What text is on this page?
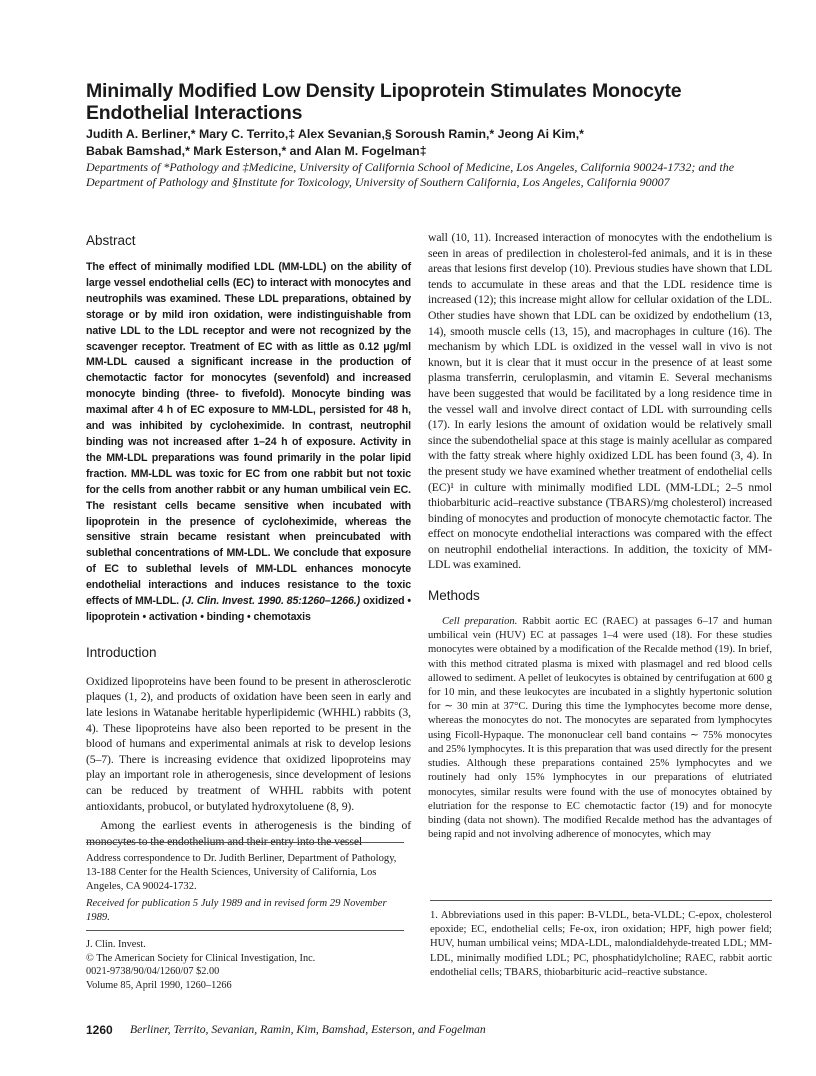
Minimally Modified Low Density Lipoprotein Stimulates Monocyte Endothelial Interactions
Judith A. Berliner,* Mary C. Territo,‡ Alex Sevanian,§ Soroush Ramin,* Jeong Ai Kim,*
Babak Bamshad,* Mark Esterson,* and Alan M. Fogelman‡
Departments of *Pathology and ‡Medicine, University of California School of Medicine, Los Angeles, California 90024-1732; and the Department of Pathology and §Institute for Toxicology, University of Southern California, Los Angeles, California 90007
Abstract

The effect of minimally modified LDL (MM-LDL) on the ability of large vessel endothelial cells (EC) to interact with monocytes and neutrophils was examined. These LDL preparations, obtained by storage or by mild iron oxidation, were indistinguishable from native LDL to the LDL receptor and were not recognized by the scavenger receptor. Treatment of EC with as little as 0.12 μg/ml MM-LDL caused a significant increase in the production of chemotactic factor for monocytes (sevenfold) and increased monocyte binding (three- to fivefold). Monocyte binding was maximal after 4 h of EC exposure to MM-LDL, persisted for 48 h, and was inhibited by cycloheximide. In contrast, neutrophil binding was not increased after 1–24 h of exposure. Activity in the MM-LDL preparations was found primarily in the polar lipid fraction. MM-LDL was toxic for EC from one rabbit but not toxic for the cells from another rabbit or any human umbilical vein EC. The resistant cells became sensitive when incubated with lipoprotein in the presence of cycloheximide, whereas the sensitive strain became resistant when preincubated with sublethal concentrations of MM-LDL. We conclude that exposure of EC to sublethal levels of MM-LDL enhances monocyte endothelial interactions and induces resistance to the toxic effects of MM-LDL. (J. Clin. Invest. 1990. 85:1260–1266.) oxidized • lipoprotein • activation • binding • chemotaxis

Introduction

Oxidized lipoproteins have been found to be present in atherosclerotic plaques (1, 2), and products of oxidation have been seen in early and late lesions in Watanabe heritable hyperlipidemic (WHHL) rabbits (3, 4). These lipoproteins have also been reported to be present in the blood of humans and experimental animals at risk to develop lesions (5–7). There is increasing evidence that oxidized lipoproteins may play an important role in atherogenesis, since development of lesions can be reduced by treatment of WHHL rabbits with potent antioxidants, probucol, or butylated hydroxytoluene (8, 9).

Among the earliest events in atherogenesis is the binding of monocytes to the endothelium and their entry into the vessel

Address correspondence to Dr. Judith Berliner, Department of Pathology, 13-188 Center for the Health Sciences, University of California, Los Angeles, CA 90024-1732.
Received for publication 5 July 1989 and in revised form 29 November 1989.
J. Clin. Invest.
© The American Society for Clinical Investigation, Inc.
0021-9738/90/04/1260/07 $2.00
Volume 85, April 1990, 1260–1266

wall (10, 11). Increased interaction of monocytes with the endothelium is seen in areas of predilection in cholesterol-fed animals, and it is in these areas that lesions first develop (10). Previous studies have shown that LDL tends to accumulate in these areas and that the LDL residence time is increased (12); this increase might allow for cellular oxidation of the LDL. Other studies have shown that LDL can be oxidized by endothelium (13, 14), smooth muscle cells (13, 15), and macrophages in culture (16). The mechanism by which LDL is oxidized in the vessel wall in vivo is not known, but it is clear that it must occur in the presence of at least some plasma transferrin, ceruloplasmin, and vitamin E. Several mechanisms have been suggested that would be facilitated by a long residence time in the vessel wall and involve direct contact of LDL with surrounding cells (17). In early lesions the amount of oxidation would be relatively small since the subendothelial space at this stage is mainly acellular as compared with the fatty streak where highly oxidized LDL has been found (3, 4). In the present study we have examined whether treatment of endothelial cells (EC)¹ in culture with minimally modified LDL (MM-LDL; 2–5 nmol thiobarbituric acid–reactive substance (TBARS)/mg cholesterol) increased binding of monocytes and production of monocyte chemotactic factor. The effect on monocyte endothelial interactions was compared with the effect on neutrophil endothelial interactions. In addition, the toxicity of MM-LDL was examined.

Methods

Cell preparation. Rabbit aortic EC (RAEC) at passages 6–17 and human umbilical vein (HUV) EC at passages 1–4 were used (18). For these studies monocytes were obtained by a modification of the Recalde method (19). In brief, with this method citrated plasma is mixed with plasmagel and red blood cells allowed to sediment. A pellet of leukocytes is obtained by centrifugation at 600 g for 10 min, and these leukocytes are incubated in a slightly hypertonic solution for ∼ 30 min at 37°C. During this time the lymphocytes become more dense, whereas the monocytes do not. The monocytes are separated from lymphocytes using Ficoll-Hypaque. The mononuclear cell band contains ∼ 75% monocytes and 25% lymphocytes. It is this preparation that was used directly for the present studies. Although these preparations contained 25% lymphocytes and we routinely had only 15% lymphocytes in our preparations of elutriated monocytes, similar results were found with the use of monocytes obtained by elutriation for the response to EC chemotactic factor (19) and for monocyte binding (data not shown). The modified Recalde method has the advantages of being rapid and not involving adherence of monocytes, which may

1. Abbreviations used in this paper: B-VLDL, beta-VLDL; C-epox, cholesterol epoxide; EC, endothelial cells; Fe-ox, iron oxidation; HPF, high power field; HUV, human umbilical veins; MDA-LDL, malondialdehyde-treated LDL; MM-LDL, minimally modified LDL; PC, phosphatidylcholine; RAEC, rabbit aortic endothelial cells; TBARS, thiobarbituric acid–reactive substance.
1260 Berliner, Territo, Sevanian, Ramin, Kim, Bamshad, Esterson, and Fogelman
